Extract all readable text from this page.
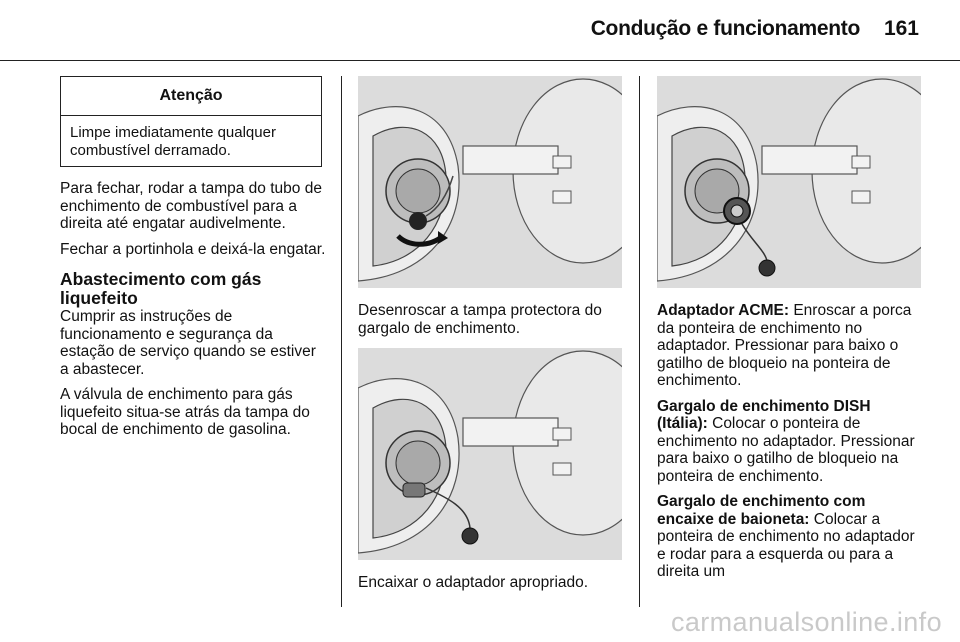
Condução e funcionamento 161
Atenção
Limpe imediatamente qualquer combustível derramado.

Para fechar, rodar a tampa do tubo de enchimento de combustível para a direita até engatar audivelmente.

Fechar a portinhola e deixá-la engatar.

Abastecimento com gás liquefeito

Cumprir as instruções de funcionamento e segurança da estação de serviço quando se estiver a abastecer.

A válvula de enchimento para gás liquefeito situa-se atrás da tampa do bocal de enchimento de gasolina.

Desenroscar a tampa protectora do gargalo de enchimento.

Encaixar o adaptador apropriado.

Adaptador ACME: Enroscar a porca da ponteira de enchimento no adaptador. Pressionar para baixo o gatilho de bloqueio na ponteira de enchimento.

Gargalo de enchimento DISH (Itália): Colocar o ponteira de enchimento no adaptador. Pressionar para baixo o gatilho de bloqueio na ponteira de enchimento.

Gargalo de enchimento com encaixe de baioneta: Colocar a ponteira de enchimento no adaptador e rodar para a esquerda ou para a direita um

carmanualsonline.info
